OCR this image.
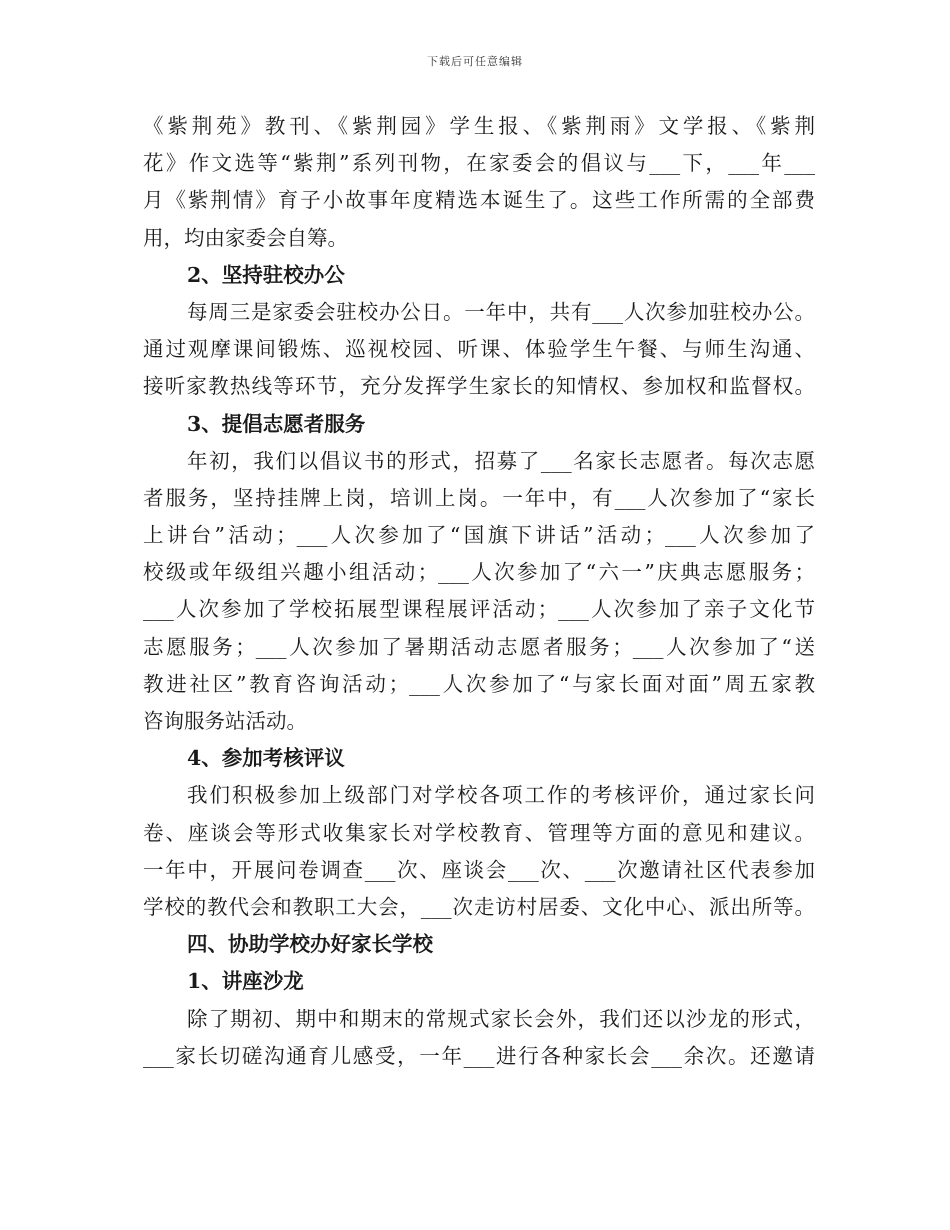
下载后可任意编辑
《紫荆苑》教刊、《紫荆园》学生报、《紫荆雨》文学报、《紫荆
花》作文选等“紫荆”系列刊物，在家委会的倡议与___下，___年___
月《紫荆情》育子小故事年度精选本诞生了。这些工作所需的全部费
用，均由家委会自筹。
2、坚持驻校办公
每周三是家委会驻校办公日。一年中，共有___人次参加驻校办公。
通过观摩课间锻炼、巡视校园、听课、体验学生午餐、与师生沟通、
接听家教热线等环节，充分发挥学生家长的知情权、参加权和监督权。
3、提倡志愿者服务
年初，我们以倡议书的形式，招募了___名家长志愿者。每次志愿
者服务，坚持挂牌上岗，培训上岗。一年中，有___人次参加了“家长
上讲台”活动；___人次参加了“国旗下讲话”活动；___人次参加了
校级或年级组兴趣小组活动；___人次参加了“六一”庆典志愿服务；
___人次参加了学校拓展型课程展评活动；___人次参加了亲子文化节
志愿服务；___人次参加了暑期活动志愿者服务；___人次参加了“送
教进社区”教育咨询活动；___人次参加了“与家长面对面”周五家教
咨询服务站活动。
4、参加考核评议
我们积极参加上级部门对学校各项工作的考核评价，通过家长问
卷、座谈会等形式收集家长对学校教育、管理等方面的意见和建议。
一年中，开展问卷调查___次、座谈会___次、___次邀请社区代表参加
学校的教代会和教职工大会，___次走访村居委、文化中心、派出所等。
四、协助学校办好家长学校
1、讲座沙龙
除了期初、期中和期末的常规式家长会外，我们还以沙龙的形式，
___家长切磋沟通育儿感受，一年___进行各种家长会___余次。还邀请
